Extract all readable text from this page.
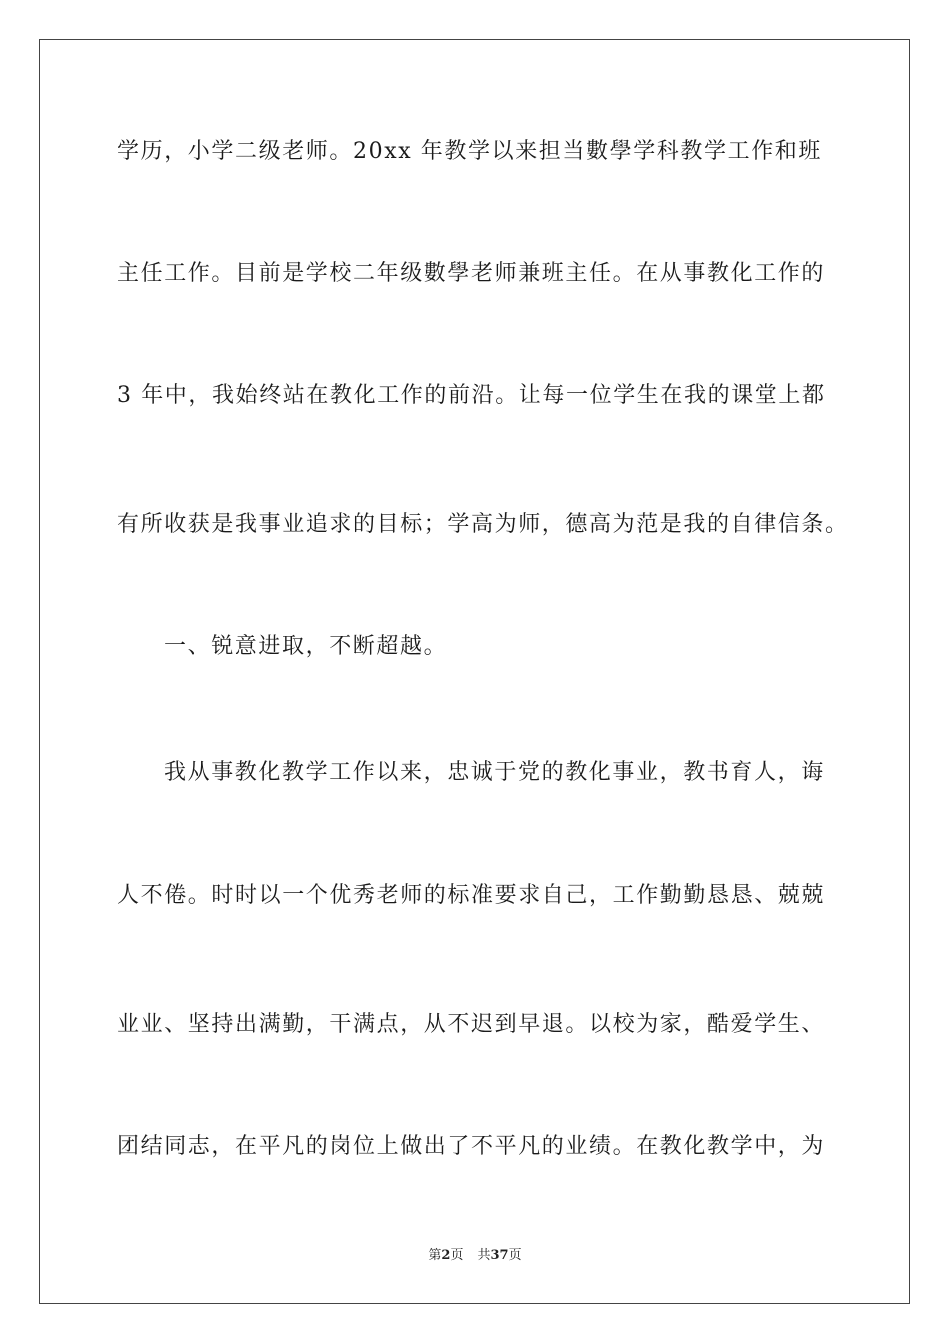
学历，小学二级老师。20xx 年教学以来担当數學学科教学工作和班
主任工作。目前是学校二年级數學老师兼班主任。在从事教化工作的
3 年中，我始终站在教化工作的前沿。让每一位学生在我的课堂上都
有所收获是我事业追求的目标；学高为师，德高为范是我的自律信条。
一、锐意进取，不断超越。
我从事教化教学工作以来，忠诚于党的教化事业，教书育人，诲
人不倦。时时以一个优秀老师的标准要求自己，工作勤勤恳恳、兢兢
业业、坚持出满勤，干满点，从不迟到早退。以校为家，酷爱学生、
团结同志，在平凡的岗位上做出了不平凡的业绩。在教化教学中，为
第2页 共37页
